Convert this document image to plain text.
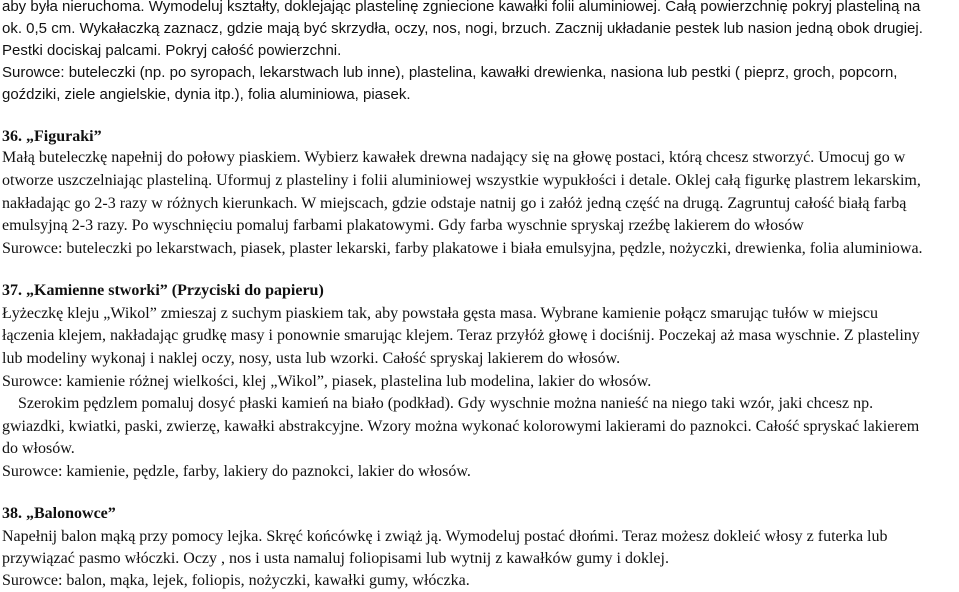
aby była nieruchoma. Wymodeluj kształty, doklejając plastelinę zgniecione kawałki folii aluminiowej. Całą powierzchnię pokryj plasteliną na
ok. 0,5 cm. Wykałaczką zaznacz, gdzie mają być skrzydła, oczy, nos, nogi, brzuch. Zacznij układanie pestek lub nasion jedną obok drugiej.
Pestki dociskaj palcami. Pokryj całość powierzchni.
Surowce: buteleczki (np. po syropach, lekarstwach lub inne), plastelina, kawałki drewienka, nasiona lub pestki ( pieprz, groch, popcorn,
goździki, ziele angielskie, dynia itp.), folia aluminiowa, piasek.
36. „Figuraki”
Małą buteleczkę napełnij do połowy piaskiem. Wybierz kawałek drewna nadający się na głowę postaci, którą chcesz stworzyć. Umocuj go w
otworze uszczelniając plasteliną. Uformuj z plasteliny i folii aluminiowej wszystkie wypukłości i detale. Oklej całą figurkę plastrem lekarskim,
nakładając go 2-3 razy w różnych kierunkach. W miejscach, gdzie odstaje natnij go i załóż jedną część na drugą. Zagruntuj całość białą farbą
emulsyjną 2-3 razy. Po wyschnięciu pomaluj farbami plakatowymi. Gdy farba wyschnie spryskaj rzeźbę lakierem do włosów
Surowce: buteleczki po lekarstwach, piasek, plaster lekarski, farby plakatowe i biała emulsyjna, pędzle, nożyczki, drewienka, folia aluminiowa.
37. „Kamienne stworki” (Przyciski do papieru)
Łyżeczkę kleju „Wikol” zmieszaj z suchym piaskiem tak, aby powstała gęsta masa. Wybrane kamienie połącz smarując tułów w miejscu
łączenia klejem, nakładając grudkę masy i ponownie smarując klejem. Teraz przyłóż głowę i dociśnij. Poczekaj aż masa wyschnie. Z plasteliny
lub modeliny wykonaj i naklej oczy, nosy, usta lub wzorki. Całość spryskaj lakierem do włosów.
Surowce: kamienie różnej wielkości, klej „Wikol”, piasek, plastelina lub modelina, lakier do włosów.
Szerokim pędzlem pomaluj dosyć płaski kamień na biało (podkład). Gdy wyschnie można nanieść na niego taki wzór, jaki chcesz np.
gwiazdki, kwiatki, paski, zwierzę, kawałki abstrakcyjne. Wzory można wykonać kolorowymi lakierami do paznokci. Całość spryskać lakierem
do włosów.
Surowce: kamienie, pędzle, farby, lakiery do paznokci, lakier do włosów.
38. „Balonowce”
Napełnij balon mąką przy pomocy lejka. Skręć końcówkę i zwiąż ją. Wymodeluj postać dłońmi. Teraz możesz dokleić włosy z futerka lub
przywiązać pasmo włóczki. Oczy , nos i usta namaluj foliopisami lub wytnij z kawałków gumy i doklej.
Surowce: balon, mąka, lejek, foliopis, nożyczki, kawałki gumy, włóczka.
